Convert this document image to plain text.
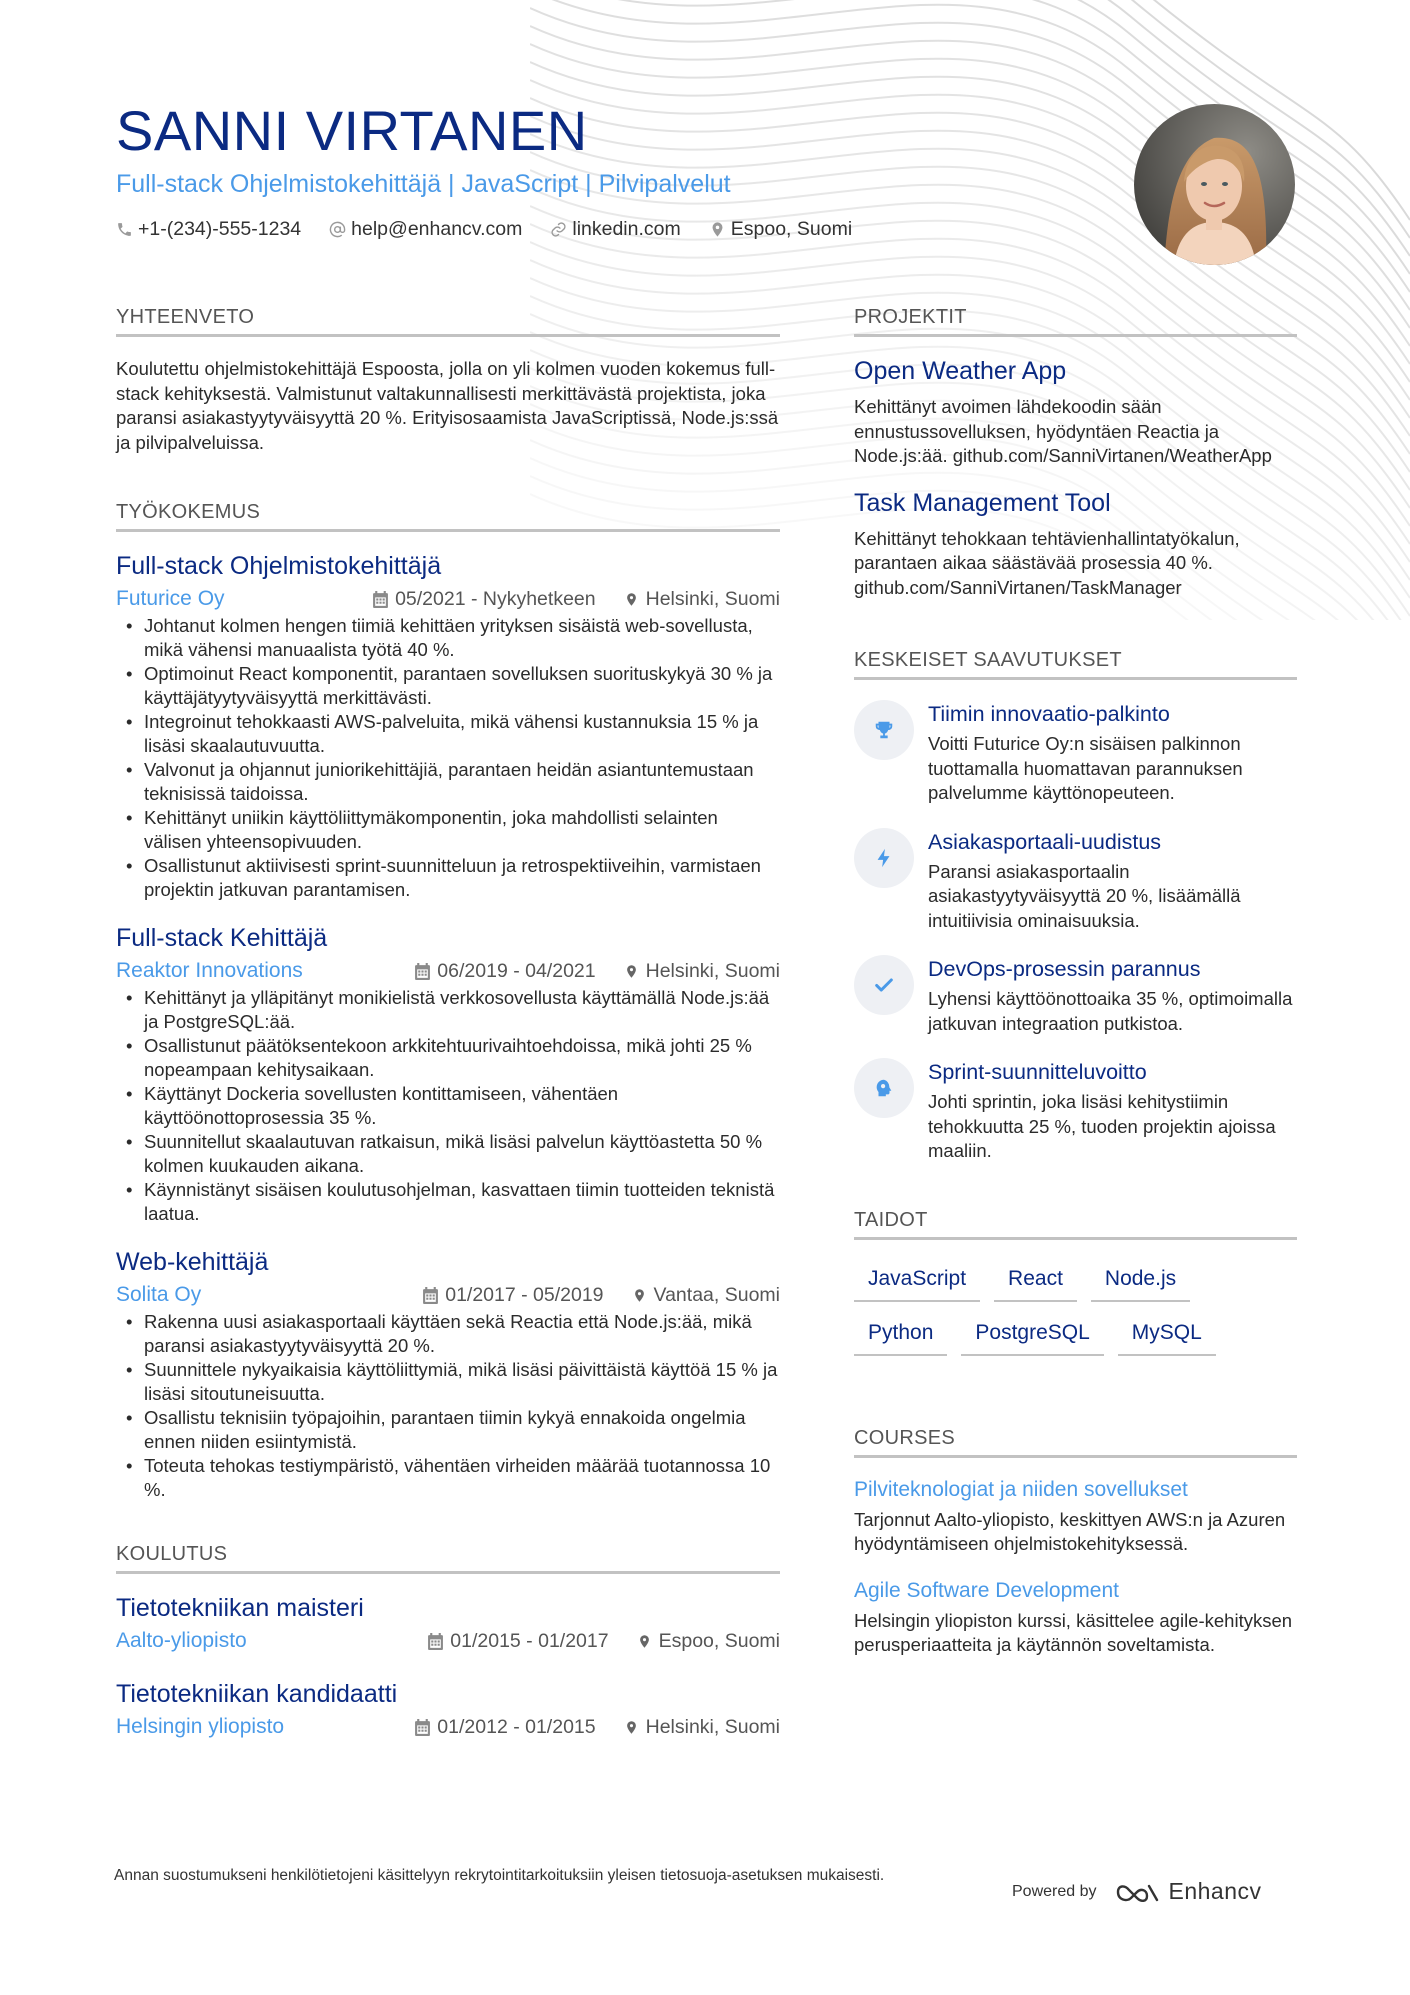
SANNI VIRTANEN
Full-stack Ohjelmistokehittäjä | JavaScript | Pilvipalvelut
+1-(234)-555-1234	help@enhancv.com	linkedin.com	Espoo, Suomi
YHTEENVETO

Koulutettu ohjelmistokehittäjä Espoosta, jolla on yli kolmen vuoden kokemus full-stack kehityksestä. Valmistunut valtakunnallisesti merkittävästä projektista, joka paransi asiakastyytyväisyyttä 20 %. Erityisosaamista JavaScriptissä, Node.js:ssä ja pilvipalveluissa.

TYÖKOKEMUS
Full-stack Ohjelmistokehittäjä
Futurice Oy	05/2021 - Nykyhetkeen	Helsinki, Suomi
• Johtanut kolmen hengen tiimiä kehittäen yrityksen sisäistä web-sovellusta, mikä vähensi manuaalista työtä 40 %.
• Optimoinut React komponentit, parantaen sovelluksen suorituskykyä 30 % ja käyttäjätyytyväisyyttä merkittävästi.
• Integroinut tehokkaasti AWS-palveluita, mikä vähensi kustannuksia 15 % ja lisäsi skaalautuvuutta.
• Valvonut ja ohjannut juniorikehittäjiä, parantaen heidän asiantuntemustaan teknisissä taidoissa.
• Kehittänyt uniikin käyttöliittymäkomponentin, joka mahdollisti selainten välisen yhteensopivuuden.
• Osallistunut aktiivisesti sprint-suunnitteluun ja retrospektiiveihin, varmistaen projektin jatkuvan parantamisen.
Full-stack Kehittäjä
Reaktor Innovations	06/2019 - 04/2021	Helsinki, Suomi
• Kehittänyt ja ylläpitänyt monikielistä verkkosovellusta käyttämällä Node.js:ää ja PostgreSQL:ää.
• Osallistunut päätöksentekoon arkkitehtuurivaihtoehdoissa, mikä johti 25 % nopeampaan kehitysaikaan.
• Käyttänyt Dockeria sovellusten kontittamiseen, vähentäen käyttöönottoprosessia 35 %.
• Suunnitellut skaalautuvan ratkaisun, mikä lisäsi palvelun käyttöastetta 50 % kolmen kuukauden aikana.
• Käynnistänyt sisäisen koulutusohjelman, kasvattaen tiimin tuotteiden teknistä laatua.
Web-kehittäjä
Solita Oy	01/2017 - 05/2019	Vantaa, Suomi
• Rakenna uusi asiakasportaali käyttäen sekä Reactia että Node.js:ää, mikä paransi asiakastyytyväisyyttä 20 %.
• Suunnittele nykyaikaisia käyttöliittymiä, mikä lisäsi päivittäistä käyttöä 15 % ja lisäsi sitoutuneisuutta.
• Osallistu teknisiin työpajoihin, parantaen tiimin kykyä ennakoida ongelmia ennen niiden esiintymistä.
• Toteuta tehokas testiympäristö, vähentäen virheiden määrää tuotannossa 10 %.
KOULUTUS
Tietotekniikan maisteri
Aalto-yliopisto	01/2015 - 01/2017	Espoo, Suomi
Tietotekniikan kandidaatti
Helsingin yliopisto	01/2012 - 01/2015	Helsinki, Suomi
PROJEKTIT
Open Weather App

Kehittänyt avoimen lähdekoodin sään ennustussovelluksen, hyödyntäen Reactia ja Node.js:ää. github.com/SanniVirtanen/WeatherApp

Task Management Tool

Kehittänyt tehokkaan tehtävienhallintatyökalun, parantaen aikaa säästävää prosessia 40 %. github.com/SanniVirtanen/TaskManager

KESKEISET SAAVUTUKSET
Tiimin innovaatio-palkinto

Voitti Futurice Oy:n sisäisen palkinnon tuottamalla huomattavan parannuksen palvelumme käyttönopeuteen.

Asiakasportaali-uudistus

Paransi asiakasportaalin asiakastyytyväisyyttä 20 %, lisäämällä intuitiivisia ominaisuuksia.

DevOps-prosessin parannus

Lyhensi käyttöönottoaika 35 %, optimoimalla jatkuvan integraation putkistoa.

Sprint-suunnitteluvoitto

Johti sprintin, joka lisäsi kehitystiimin tehokkuutta 25 %, tuoden projektin ajoissa maaliin.

TAIDOT
JavaScript	React	Node.js
Python	PostgreSQL	MySQL
COURSES
Pilviteknologiat ja niiden sovellukset

Tarjonnut Aalto-yliopisto, keskittyen AWS:n ja Azuren hyödyntämiseen ohjelmistokehityksessä.

Agile Software Development

Helsingin yliopiston kurssi, käsittelee agile-kehityksen perusperiaatteita ja käytännön soveltamista.

Annan suostumukseni henkilötietojeni käsittelyyn rekrytointitarkoituksiin yleisen tietosuoja-asetuksen mukaisesti.

Powered by	Enhancv
